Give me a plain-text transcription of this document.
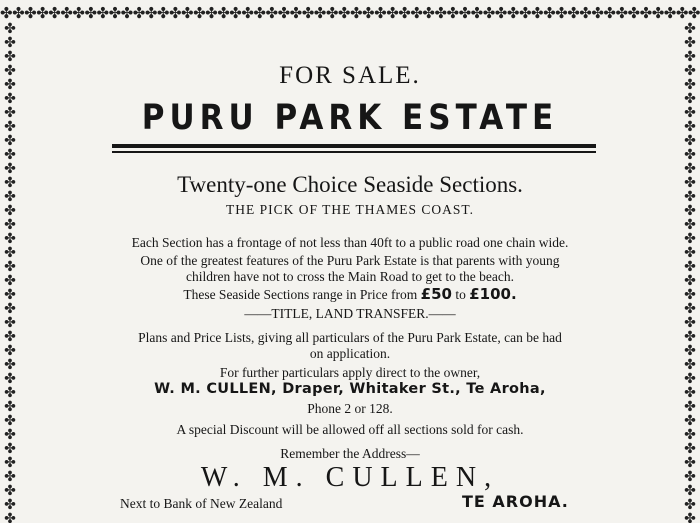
✤✤✤✤✤✤✤✤✤✤✤✤✤✤✤✤✤✤✤✤✤✤✤✤✤✤✤✤✤✤✤✤✤✤✤✤✤✤✤✤✤✤✤✤✤✤✤✤✤✤✤✤✤✤✤✤✤✤
✤
✤
✤
✤
✤
✤
✤
✤
✤
✤
✤
✤
✤
✤
✤
✤
✤
✤
✤
✤
✤
✤
✤
✤
✤
✤
✤
✤
✤
✤
✤
✤
✤
✤
✤
✤
✤
✤
✤
✤
✤
✤
✤
✤
✤
✤
✤
✤
✤
✤
✤
✤
✤
✤
✤
✤
✤
✤
✤
✤
✤
✤
✤
✤
✤
✤
✤
✤
✤
✤
✤
✤
FOR SALE.
PURU PARK ESTATE
Twenty-one Choice Seaside Sections.
THE PICK OF THE THAMES COAST.
Each Section has a frontage of not less than 40ft to a public road one chain wide.
One of the greatest features of the Puru Park Estate is that parents with young
children have not to cross the Main Road to get to the beach.
These Seaside Sections range in Price from £50 to £100.
——TITLE, LAND TRANSFER.——
Plans and Price Lists, giving all particulars of the Puru Park Estate, can be had
on application.
For further particulars apply direct to the owner,
W. M. CULLEN, Draper, Whitaker St., Te Aroha,
Phone 2 or 128.
A special Discount will be allowed off all sections sold for cash.
Remember the Address—
W. M. CULLEN,
Next to Bank of New Zealand	TE AROHA.
